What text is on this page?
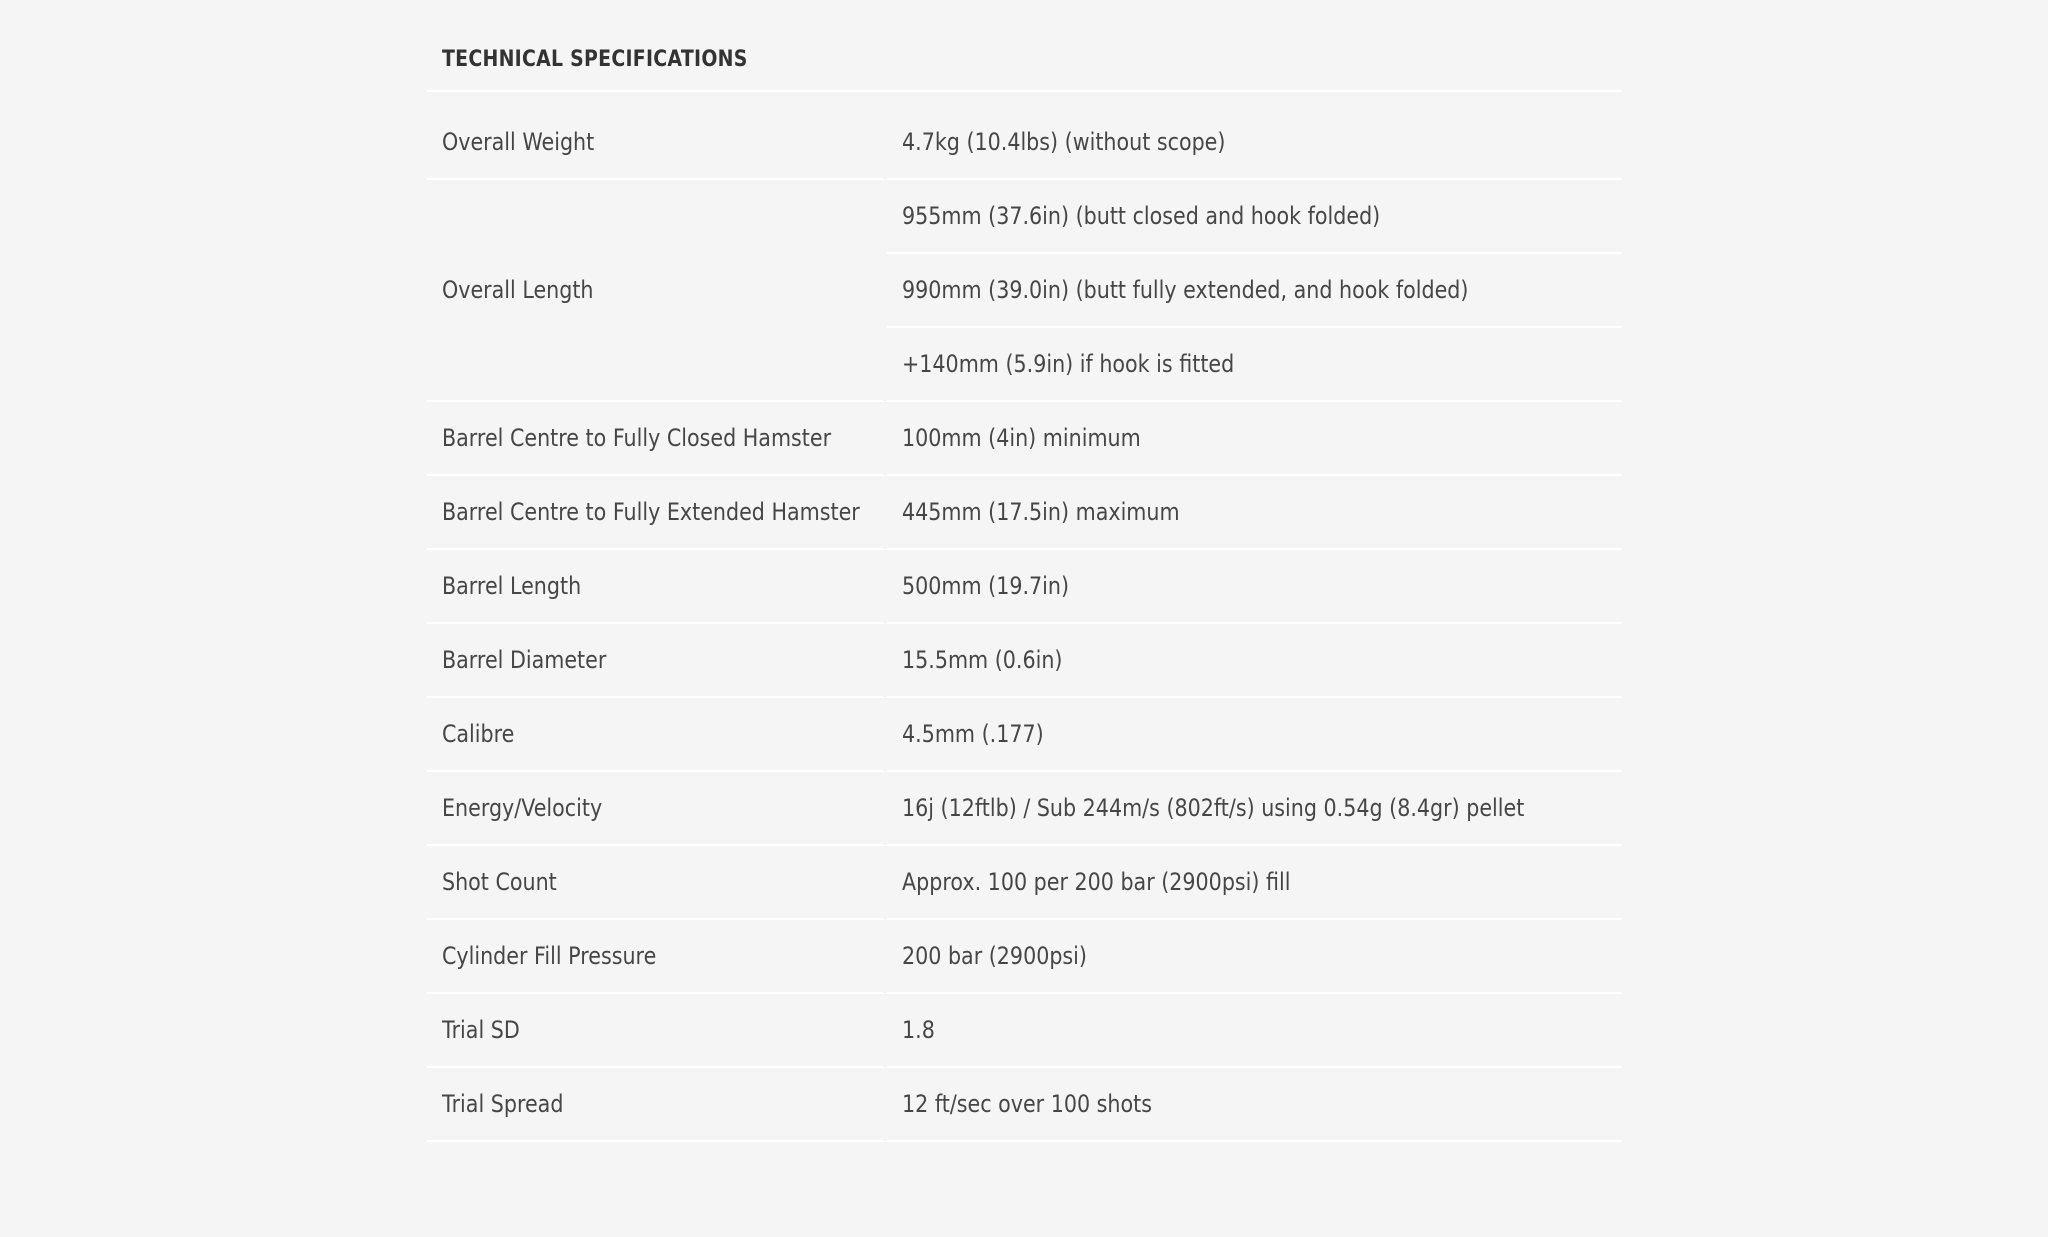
TECHNICAL SPECIFICATIONS
Overall Weight	4.7kg (10.4lbs) (without scope)
Overall Length	955mm (37.6in) (butt closed and hook folded)
	990mm (39.0in) (butt fully extended, and hook folded)
	+140mm (5.9in) if hook is fitted
Barrel Centre to Fully Closed Hamster	100mm (4in) minimum
Barrel Centre to Fully Extended Hamster	445mm (17.5in) maximum
Barrel Length	500mm (19.7in)
Barrel Diameter	15.5mm (0.6in)
Calibre	4.5mm (.177)
Energy/Velocity	16j (12ftlb) / Sub 244m/s (802ft/s) using 0.54g (8.4gr) pellet
Shot Count	Approx. 100 per 200 bar (2900psi) fill
Cylinder Fill Pressure	200 bar (2900psi)
Trial SD	1.8
Trial Spread	12 ft/sec over 100 shots
